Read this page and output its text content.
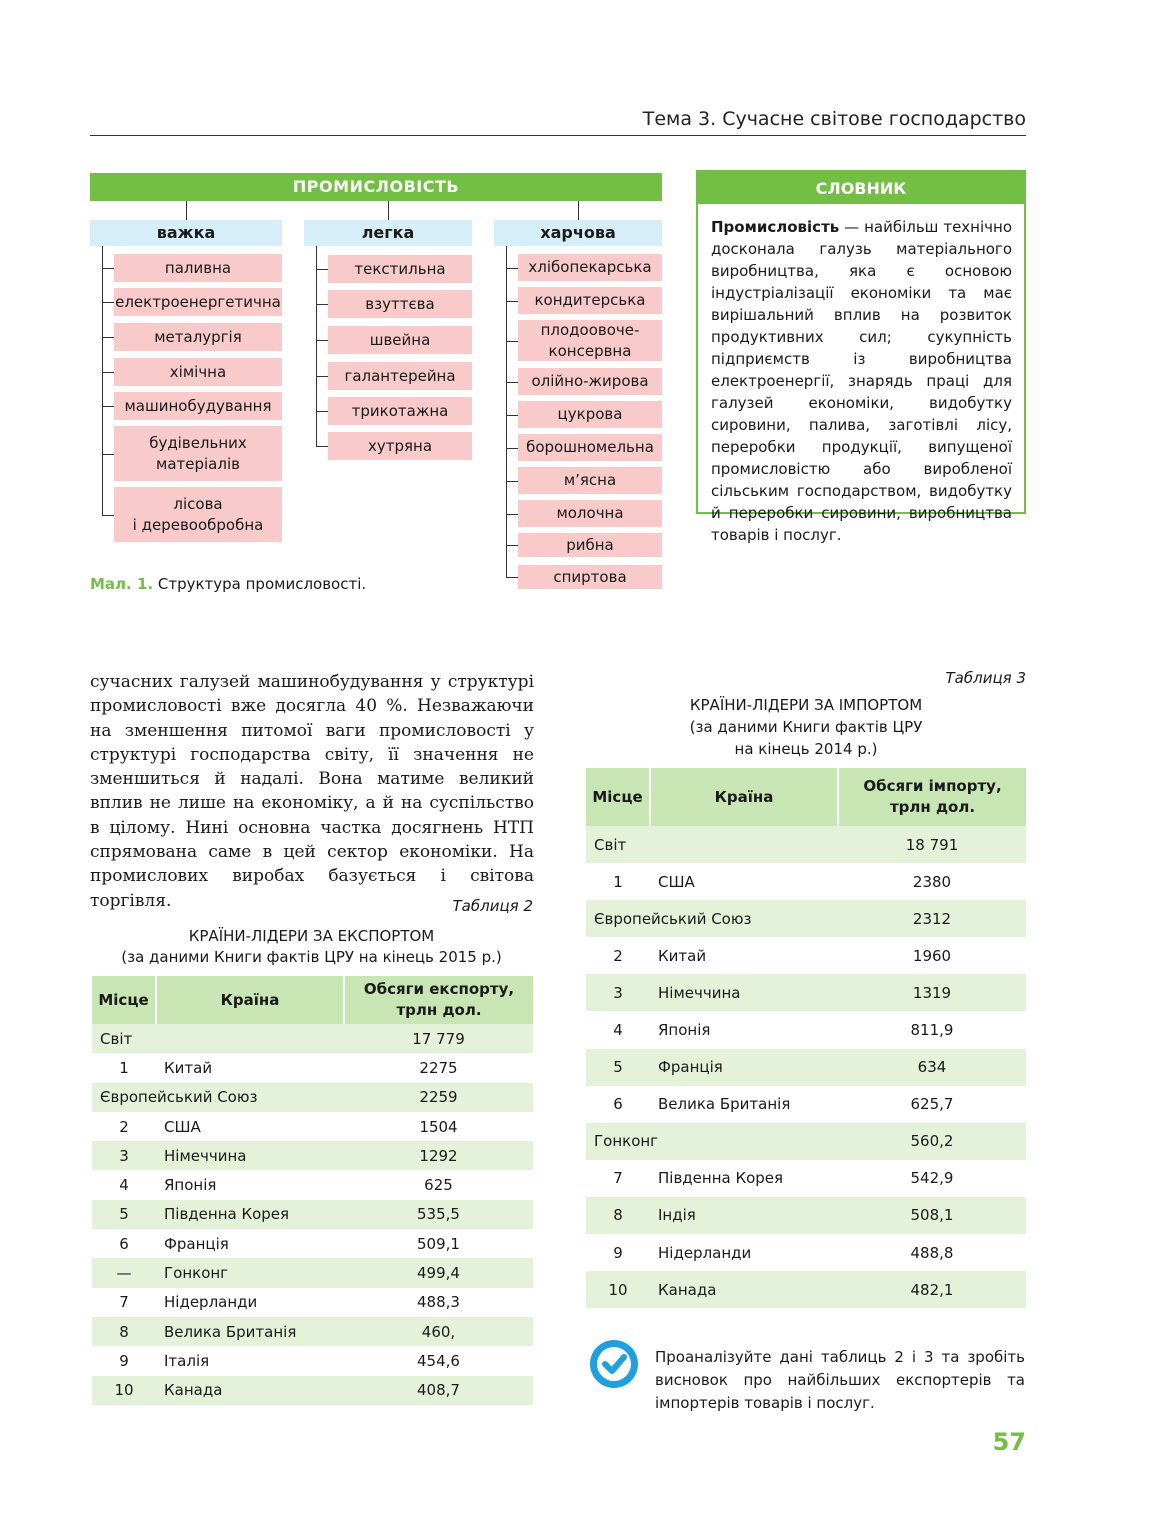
Тема 3. Сучасне світове господарство
ПРОМИСЛОВІСТЬ
важка
паливна
електроенергетична
металургія
хімічна
машинобудування
будівельних
матеріалів
лісова
і деревообробна
легка
текстильна
взуттєва
швейна
галантерейна
трикотажна
хутряна
харчова
хлібопекарська
кондитерська
плодоовоче-
консервна
олійно-жирова
цукрова
борошномельна
м’ясна
молочна
рибна
спиртова
Мал. 1. Структура промисловості.
СЛОВНИК
Промисловість — найбільш технічно досконала галузь матеріального виробництва, яка є основою індустріалізації економіки та має вирішальний вплив на розвиток продуктивних сил; сукупність підприємств із виробництва електроенергії, знарядь праці для галузей економіки, видобутку сировини, палива, заготівлі лісу, переробки продукції, випущеної промисловістю або виробленої сільським господарством, видобутку й переробки сировини, виробництва товарів і послуг.
сучасних галузей машинобудування у структурі промисловості вже досягла 40 %. Незважаючи на зменшення питомої ваги промисловості у структурі господарства світу, її значення не зменшиться й надалі. Вона матиме великий вплив не лише на економіку, а й на суспільство в цілому. Нині основна частка досягнень НТП спрямована саме в цей сектор економіки. На промислових виробах базується і світова торгівля.	Таблиця 2
КРАЇНИ-ЛІДЕРИ ЗА ЕКСПОРТОМ
(за даними Книги фактів ЦРУ на кінець 2015 р.)
Місце	Країна	Обсяги експорту,
трлн дол.
Світ		17 779
1	Китай	2275
Європейський Союз		2259
2	США	1504
3	Німеччина	1292
4	Японія	625
5	Південна Корея	535,5
6	Франція	509,1
—	Гонконг	499,4
7	Нідерланди	488,3
8	Велика Британія	460,
9	Італія	454,6
10	Канада	408,7
Таблиця 3
КРАЇНИ-ЛІДЕРИ ЗА ІМПОРТОМ
(за даними Книги фактів ЦРУ
на кінець 2014 р.)
Місце	Країна	Обсяги імпорту,
трлн дол.
Світ		18 791
1	США	2380
Європейський Союз		2312
2	Китай	1960
3	Німеччина	1319
4	Японія	811,9
5	Франція	634
6	Велика Британія	625,7
Гонконг		560,2
7	Південна Корея	542,9
8	Індія	508,1
9	Нідерланди	488,8
10	Канада	482,1
Проаналізуйте дані таблиць 2 і 3 та зробіть висновок про найбільших експортерів та імпортерів товарів і послуг.
57
